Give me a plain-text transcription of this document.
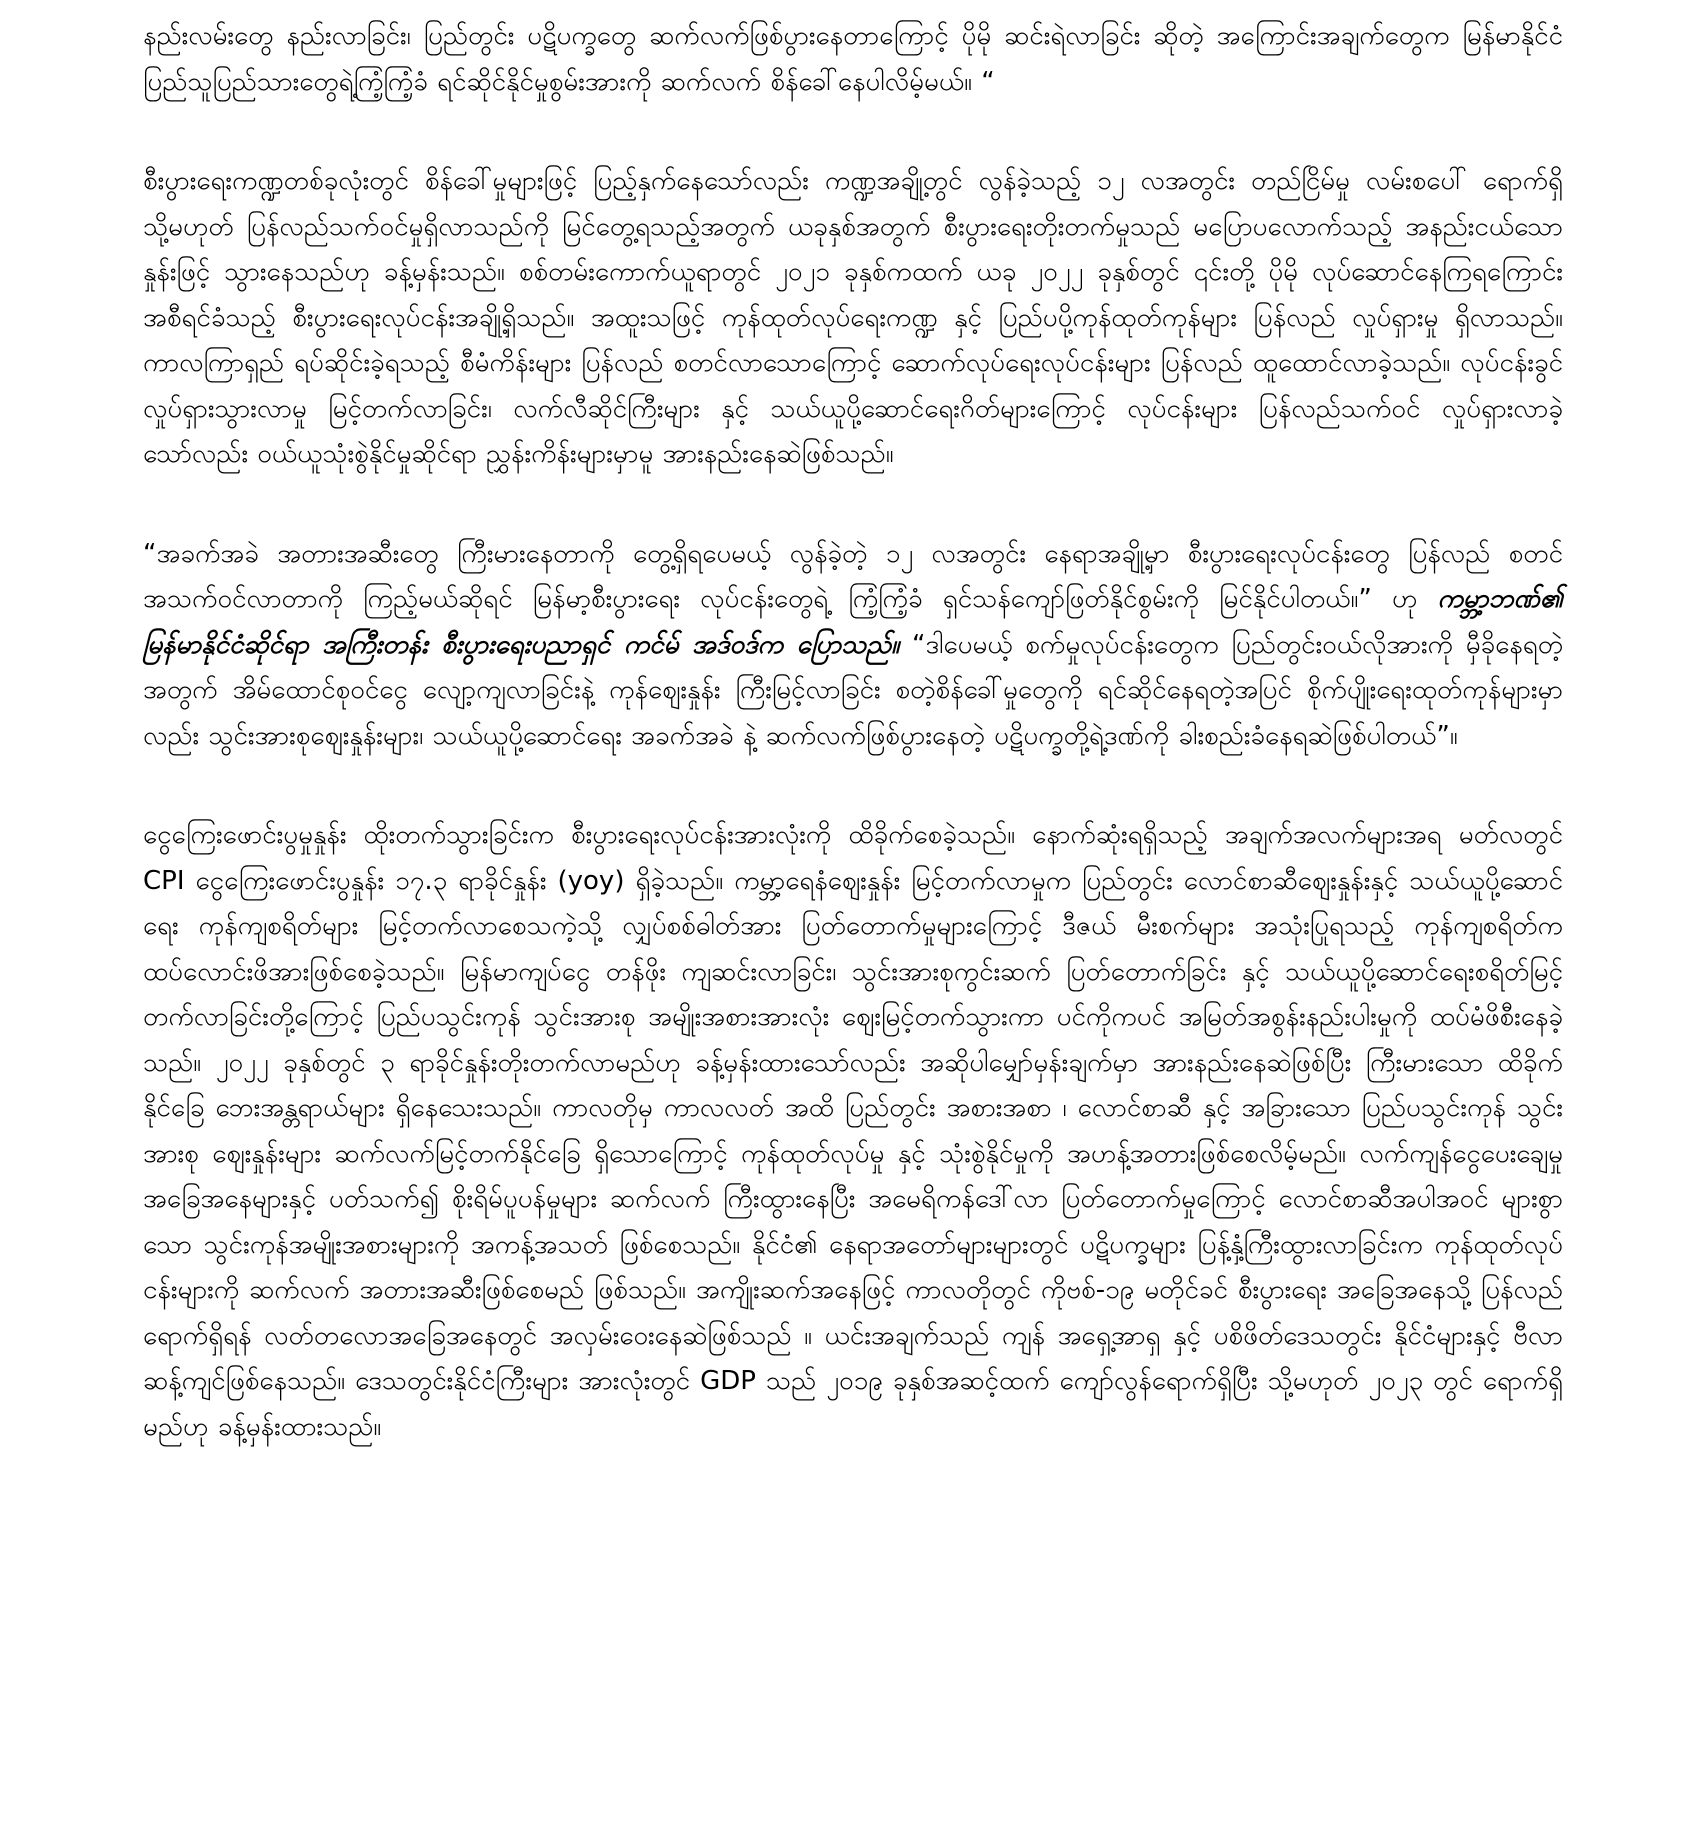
နည်းလမ်းတွေ နည်းလာခြင်း၊ ပြည်တွင်း ပဋိပက္ခတွေ ဆက်လက်ဖြစ်ပွားနေတာကြောင့် ပိုမို ဆင်းရဲလာခြင်း ဆိုတဲ့ အကြောင်းအချက်တွေက မြန်မာနိုင်ငံ ပြည်သူပြည်သားတွေရဲ့ကြံ့ကြံ့ခံ ရင်ဆိုင်နိုင်မှုစွမ်းအားကို ဆက်လက် စိန်ခေါ်နေပါလိမ့်မယ်။ “

စီးပွားရေးကဏ္ဍတစ်ခုလုံးတွင် စိန်ခေါ်မှုများဖြင့် ပြည့်နှက်နေသော်လည်း ကဏ္ဍအချို့တွင် လွန်ခဲ့သည့် ၁၂ လအတွင်း တည်ငြိမ်မှု လမ်းစပေါ် ရောက်ရှိ သို့မဟုတ် ပြန်လည်သက်ဝင်မှုရှိလာသည်ကို မြင်တွေ့ရသည့်အတွက် ယခုနှစ်အတွက် စီးပွားရေးတိုးတက်မှုသည် မပြောပလောက်သည့် အနည်းငယ်သောနှုန်းဖြင့် သွားနေသည်ဟု ခန့်မှန်းသည်။ စစ်တမ်းကောက်ယူရာတွင် ၂၀၂၁ ခုနှစ်ကထက် ယခု ၂၀၂၂ ခုနှစ်တွင် ၎င်းတို့ ပိုမို လုပ်ဆောင်နေကြရကြောင်း အစီရင်ခံသည့် စီးပွားရေးလုပ်ငန်းအချို့ရှိသည်။ အထူးသဖြင့် ကုန်ထုတ်လုပ်ရေးကဏ္ဍ နှင့် ပြည်ပပို့ကုန်ထုတ်ကုန်များ ပြန်လည် လှုပ်ရှားမှု ရှိလာသည်။ ကာလကြာရှည် ရပ်ဆိုင်းခဲ့ရသည့် စီမံကိန်းများ ပြန်လည် စတင်လာသောကြောင့် ဆောက်လုပ်ရေးလုပ်ငန်းများ ပြန်လည် ထူထောင်လာခဲ့သည်။ လုပ်ငန်းခွင် လှုပ်ရှားသွားလာမှု မြင့်တက်လာခြင်း၊ လက်လီဆိုင်ကြီးများ နှင့် သယ်ယူပို့ဆောင်ရေးဂိတ်များကြောင့် လုပ်ငန်းများ ပြန်လည်သက်ဝင် လှုပ်ရှားလာခဲ့သော်လည်း ဝယ်ယူသုံးစွဲနိုင်မှုဆိုင်ရာ ညွှန်းကိန်းများမှာမူ အားနည်းနေဆဲဖြစ်သည်။

“အခက်အခဲ အတားအဆီးတွေ ကြီးမားနေတာကို တွေ့ရှိရပေမယ့် လွန်ခဲ့တဲ့ ၁၂ လအတွင်း နေရာအချို့မှာ စီးပွားရေးလုပ်ငန်းတွေ ပြန်လည် စတင် အသက်ဝင်လာတာကို ကြည့်မယ်ဆိုရင် မြန်မာ့စီးပွားရေး လုပ်ငန်းတွေရဲ့ ကြံ့ကြံ့ခံ ရှင်သန်ကျော်ဖြတ်နိုင်စွမ်းကို မြင်နိုင်ပါတယ်။” ဟု ကမ္ဘာ့ဘဏ်၏ မြန်မာနိုင်ငံဆိုင်ရာ အကြီးတန်း စီးပွားရေးပညာရှင် ကင်မ် အဒ်ဝဒ်က ပြောသည်။ “ဒါပေမယ့် စက်မှုလုပ်ငန်းတွေက ပြည်တွင်းဝယ်လိုအားကို မှီခိုနေရတဲ့အတွက် အိမ်ထောင်စုဝင်ငွေ လျော့ကျလာခြင်းနဲ့ ကုန်ဈေးနှုန်း ကြီးမြင့်လာခြင်း စတဲ့စိန်ခေါ်မှုတွေကို ရင်ဆိုင်နေရတဲ့အပြင် စိုက်ပျိုးရေးထုတ်ကုန်များမှာလည်း သွင်းအားစုဈေးနှုန်းများ၊ သယ်ယူပို့ဆောင်ရေး အခက်အခဲ နဲ့ ဆက်လက်ဖြစ်ပွားနေတဲ့ ပဋိပက္ခတို့ရဲ့ဒဏ်ကို ခါးစည်းခံနေရဆဲဖြစ်ပါတယ်”။

ငွေကြေးဖောင်းပွမှုနှုန်း ထိုးတက်သွားခြင်းက စီးပွားရေးလုပ်ငန်းအားလုံးကို ထိခိုက်စေခဲ့သည်။ နောက်ဆုံးရရှိသည့် အချက်အလက်များအရ မတ်လတွင် CPI ငွေကြေးဖောင်းပွနှုန်း ၁၇.၃ ရာခိုင်နှုန်း (yoy) ရှိခဲ့သည်။ ကမ္ဘာ့ရေနံဈေးနှုန်း မြင့်တက်လာမှုက ပြည်တွင်း လောင်စာဆီဈေးနှုန်းနှင့် သယ်ယူပို့ဆောင်ရေး ကုန်ကျစရိတ်များ မြင့်တက်လာစေသကဲ့သို့ လျှပ်စစ်ဓါတ်အား ပြတ်တောက်မှုများကြောင့် ဒီဇယ် မီးစက်များ အသုံးပြုရသည့် ကုန်ကျစရိတ်က ထပ်လောင်းဖိအားဖြစ်စေခဲ့သည်။ မြန်မာကျပ်ငွေ တန်ဖိုး ကျဆင်းလာခြင်း၊ သွင်းအားစုကွင်းဆက် ပြတ်တောက်ခြင်း နှင့် သယ်ယူပို့ဆောင်ရေးစရိတ်မြင့်တက်လာခြင်းတို့ကြောင့် ပြည်ပသွင်းကုန် သွင်းအားစု အမျိုးအစားအားလုံး ဈေးမြင့်တက်သွားကာ ပင်ကိုကပင် အမြတ်အစွန်းနည်းပါးမှုကို ထပ်မံဖိစီးနေခဲ့သည်။ ၂၀၂၂ ခုနှစ်တွင် ၃ ရာခိုင်နှုန်းတိုးတက်လာမည်ဟု ခန့်မှန်းထားသော်လည်း အဆိုပါမျှော်မှန်းချက်မှာ အားနည်းနေဆဲဖြစ်ပြီး ကြီးမားသော ထိခိုက်နိုင်ခြေ ဘေးအန္တရာယ်များ ရှိနေသေးသည်။ ကာလတိုမှ ကာလလတ် အထိ ပြည်တွင်း အစားအစာ ၊ လောင်စာဆီ နှင့် အခြားသော ပြည်ပသွင်းကုန် သွင်းအားစု ဈေးနှုန်းများ ဆက်လက်မြင့်တက်နိုင်ခြေ ရှိသောကြောင့် ကုန်ထုတ်လုပ်မှု နှင့် သုံးစွဲနိုင်မှုကို အဟန့်အတားဖြစ်စေလိမ့်မည်။ လက်ကျန်ငွေပေးချေမှု အခြေအနေများနှင့် ပတ်သက်၍ စိုးရိမ်ပူပန်မှုများ ဆက်လက် ကြီးထွားနေပြီး အမေရိကန်ဒေါ်လာ ပြတ်တောက်မှုကြောင့် လောင်စာဆီအပါအဝင် များစွာသော သွင်းကုန်အမျိုးအစားများကို အကန့်အသတ် ဖြစ်စေသည်။ နိုင်ငံ၏ နေရာအတော်များများတွင် ပဋိပက္ခများ ပြန့်နှံ့ကြီးထွားလာခြင်းက ကုန်ထုတ်လုပ်ငန်းများကို ဆက်လက် အတားအဆီးဖြစ်စေမည် ဖြစ်သည်။ အကျိုးဆက်အနေဖြင့် ကာလတိုတွင် ကိုဗစ်-၁၉ မတိုင်ခင် စီးပွားရေး အခြေအနေသို့ ပြန်လည်ရောက်ရှိရန် လတ်တလောအခြေအနေတွင် အလှမ်းဝေးနေဆဲဖြစ်သည် ။ ယင်းအချက်သည် ကျန် အရှေ့အာရှ နှင့် ပစိဖိတ်ဒေသတွင်း နိုင်ငံများနှင့် ဗီလာဆန့်ကျင်ဖြစ်နေသည်။ ဒေသတွင်းနိုင်ငံကြီးများ အားလုံးတွင် GDP သည် ၂၀၁၉ ခုနှစ်အဆင့်ထက် ကျော်လွန်ရောက်ရှိပြီး သို့မဟုတ် ၂၀၂၃ တွင် ရောက်ရှိမည်ဟု ခန့်မှန်းထားသည်။
